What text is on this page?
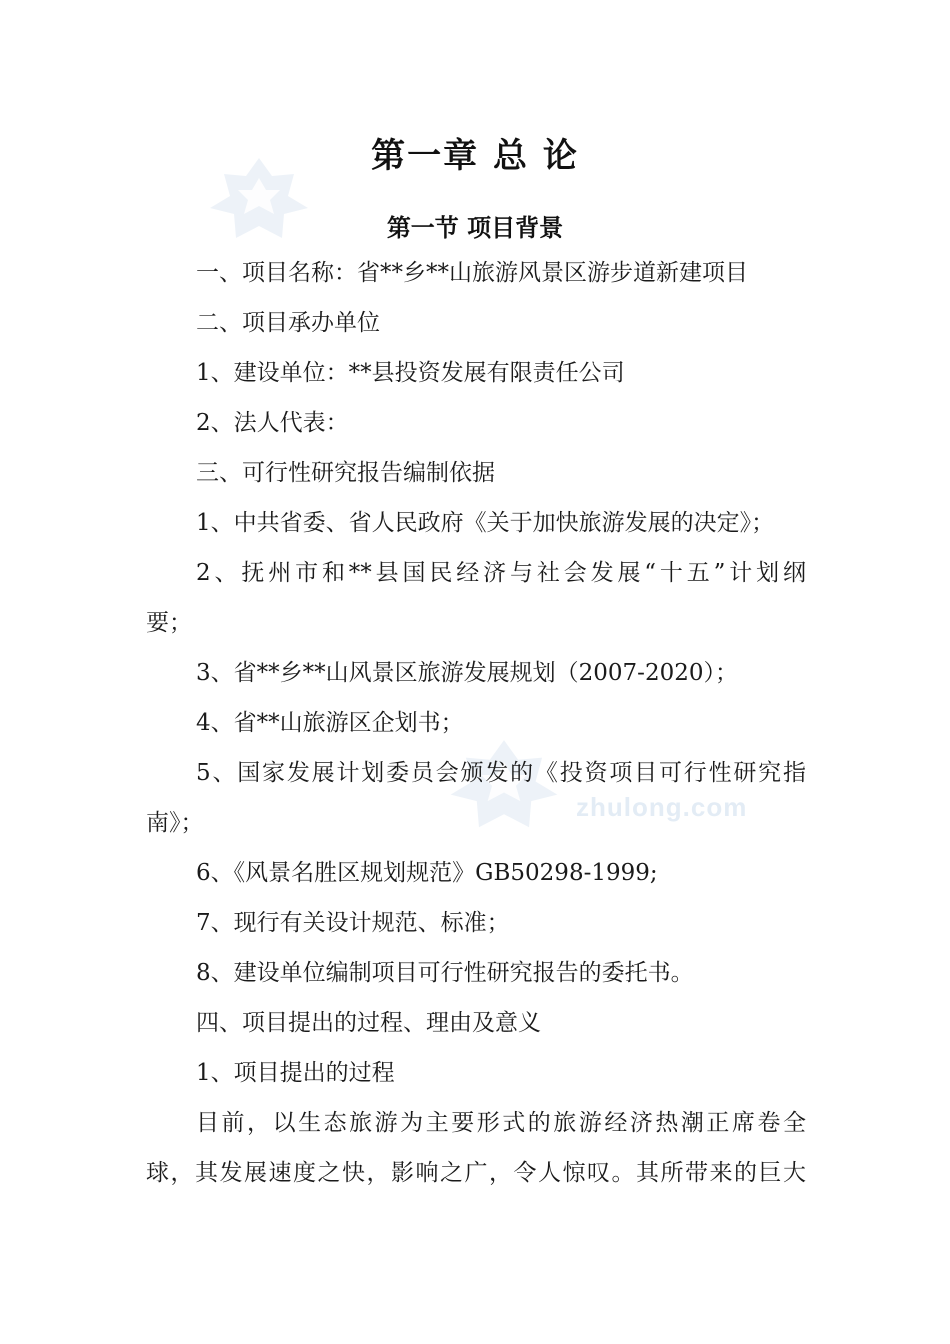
zhulong.com
第一章 总 论
第一节 项目背景
一、项目名称：省**乡**山旅游风景区游步道新建项目
二、项目承办单位
1、建设单位：**县投资发展有限责任公司
2、法人代表：
三、可行性研究报告编制依据
1、中共省委、省人民政府《关于加快旅游发展的决定》；
2、抚州市和**县国民经济与社会发展“十五”计划纲
要；
3、省**乡**山风景区旅游发展规划（2007-2020）；
4、省**山旅游区企划书；
5、国家发展计划委员会颁发的《投资项目可行性研究指
南》；
6、《风景名胜区规划规范》GB50298-1999;
7、现行有关设计规范、标准；
8、建设单位编制项目可行性研究报告的委托书。
四、项目提出的过程、理由及意义
1、项目提出的过程
目前，以生态旅游为主要形式的旅游经济热潮正席卷全
球，其发展速度之快，影响之广，令人惊叹。其所带来的巨大
